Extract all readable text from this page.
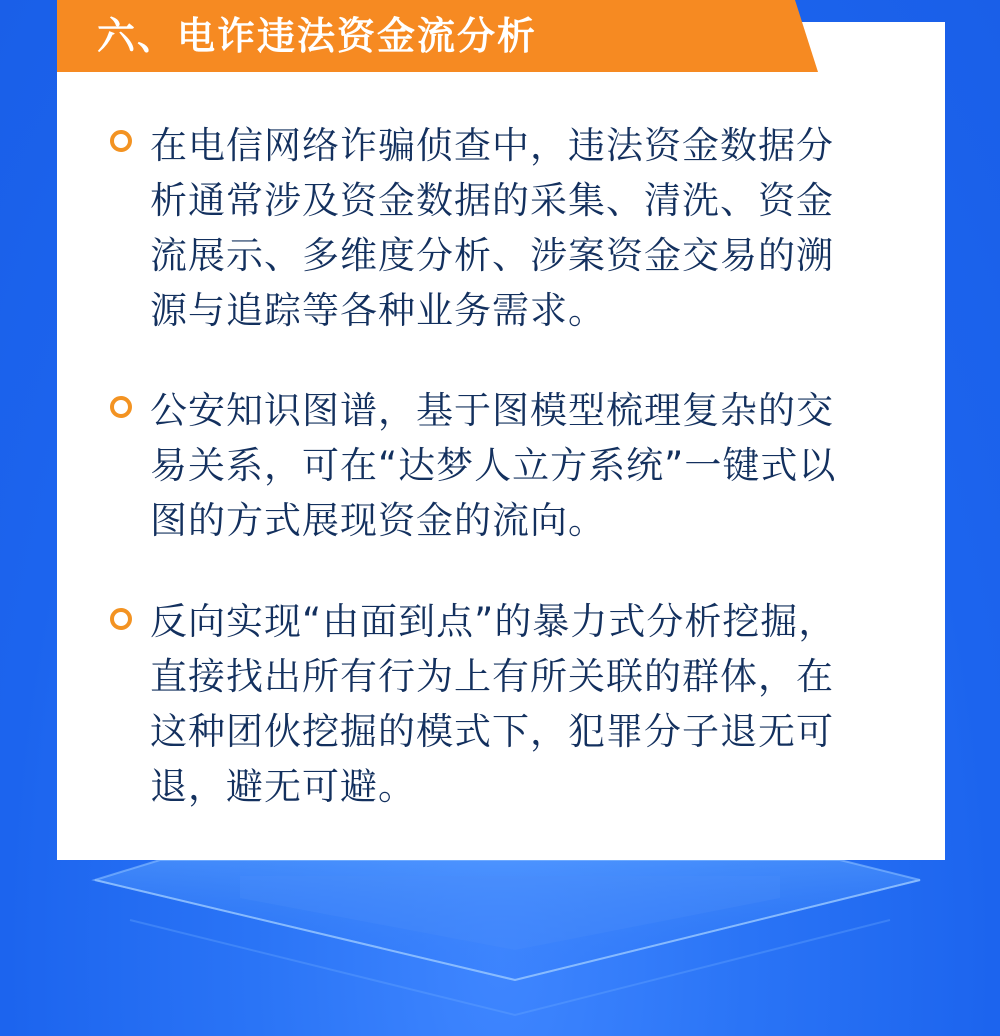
六、电诈违法资金流分析
在电信网络诈骗侦查中，违法资金数据分
析通常涉及资金数据的采集、清洗、资金
流展示、多维度分析、涉案资金交易的溯
源与追踪等各种业务需求。
公安知识图谱，基于图模型梳理复杂的交
易关系，可在“达梦人立方系统”一键式以
图的方式展现资金的流向。
反向实现“由面到点”的暴力式分析挖掘，
直接找出所有行为上有所关联的群体，在
这种团伙挖掘的模式下，犯罪分子退无可
退，避无可避。
